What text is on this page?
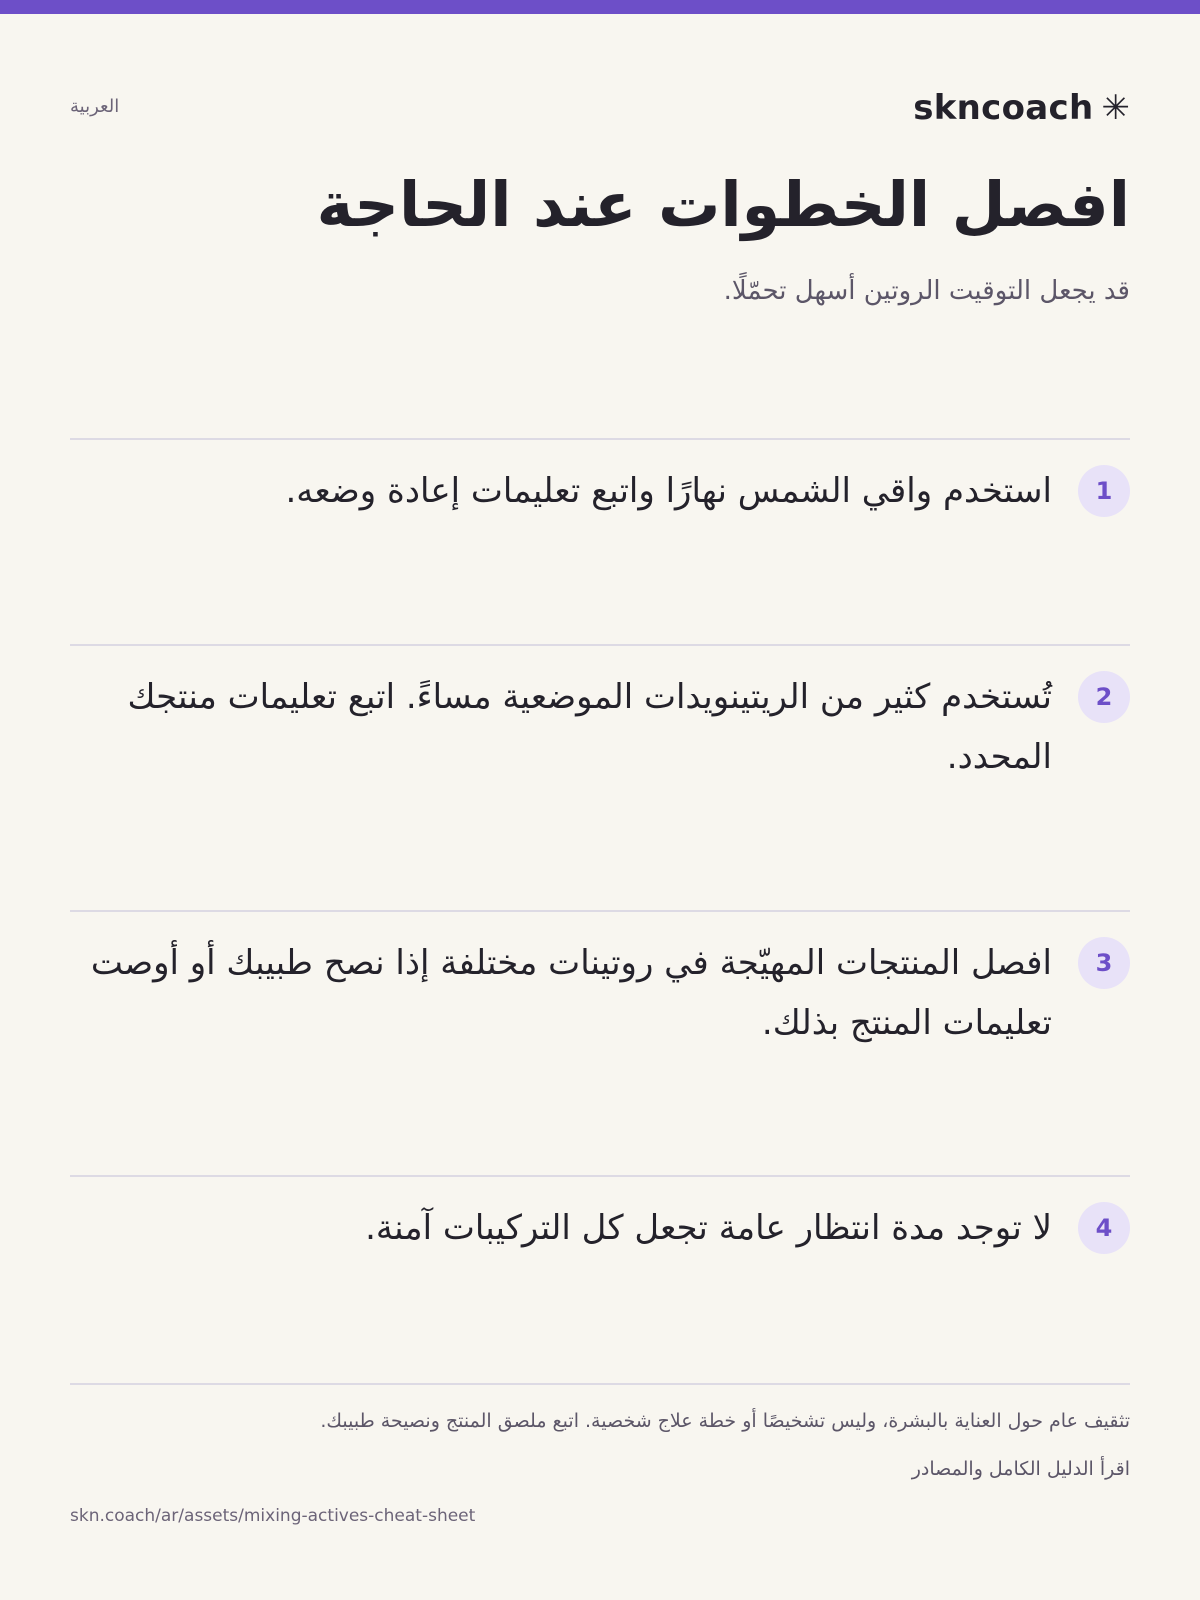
skncoach ✳
العربية
افصل الخطوات عند الحاجة

قد يجعل التوقيت الروتين أسهل تحمّلًا.

1
استخدم واقي الشمس نهارًا واتبع تعليمات إعادة وضعه.
2
تُستخدم كثير من الريتينويدات الموضعية مساءً. اتبع تعليمات منتجك المحدد.
3
افصل المنتجات المهيّجة في روتينات مختلفة إذا نصح طبيبك أو أوصت تعليمات المنتج بذلك.
4
لا توجد مدة انتظار عامة تجعل كل التركيبات آمنة.
تثقيف عام حول العناية بالبشرة، وليس تشخيصًا أو خطة علاج شخصية. اتبع ملصق المنتج ونصيحة طبيبك.
اقرأ الدليل الكامل والمصادر
skn.coach/ar/assets/mixing-actives-cheat-sheet
